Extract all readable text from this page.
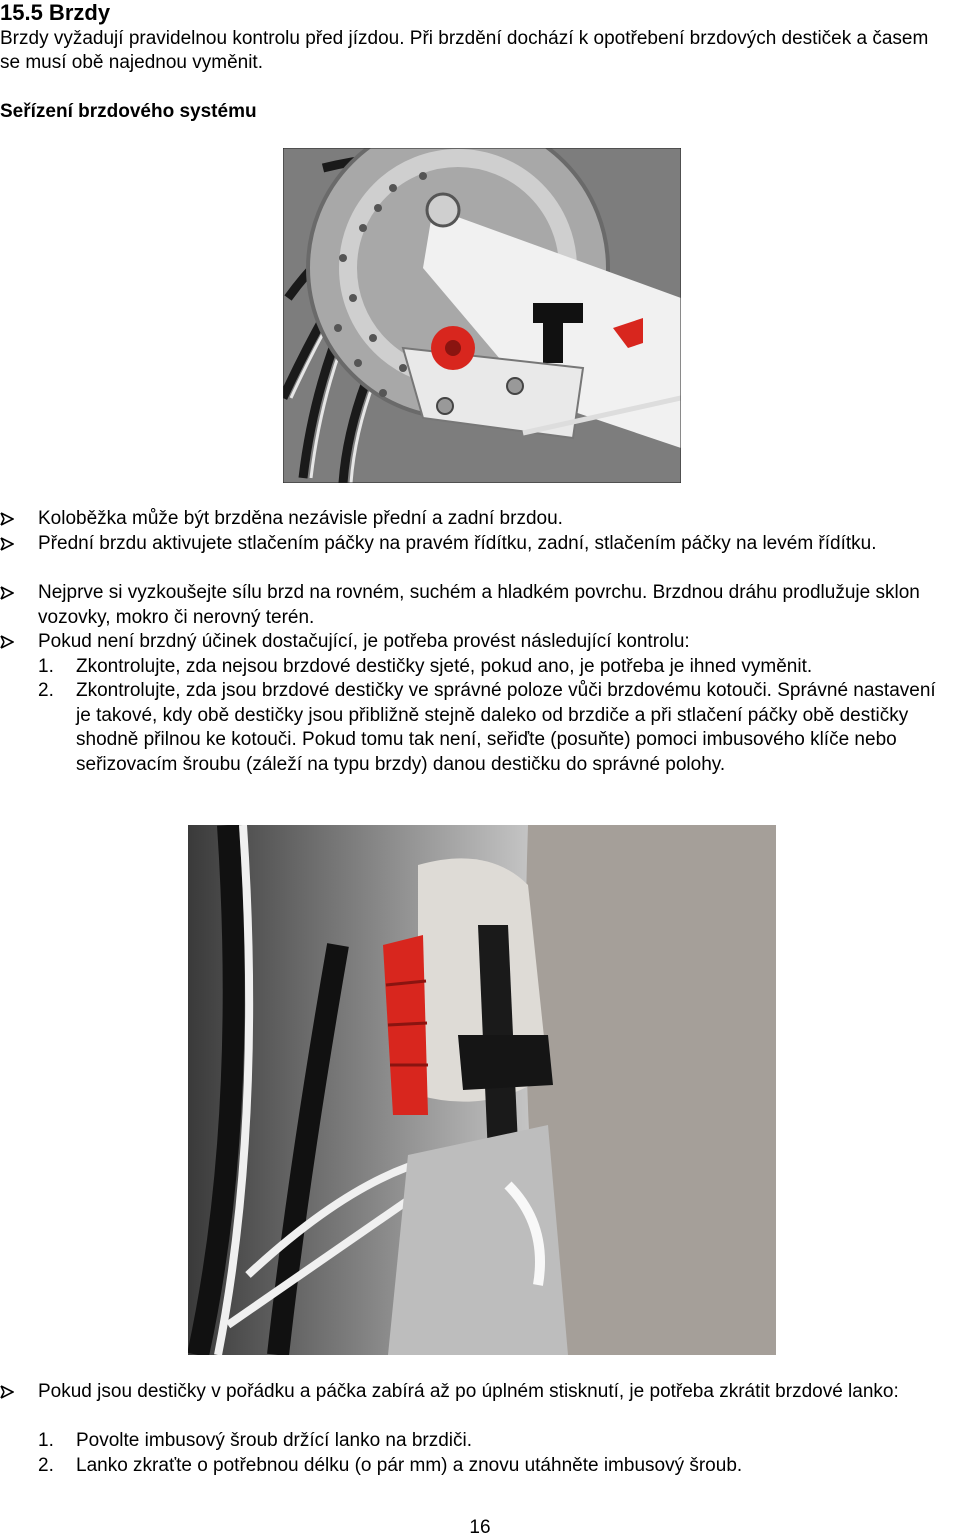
15.5 Brzdy
Brzdy vyžadují pravidelnou kontrolu před jízdou. Při brzdění dochází k opotřebení brzdových destiček a časem se musí obě najednou vyměnit.
Seřízení brzdového systému
Koloběžka může být brzděna nezávisle přední a zadní brzdou.
Přední brzdu aktivujete stlačením páčky na pravém řídítku, zadní, stlačením páčky na levém řídítku.
Nejprve si vyzkoušejte sílu brzd na rovném, suchém a hladkém povrchu. Brzdnou dráhu prodlužuje sklon vozovky, mokro či nerovný terén.
Pokud není brzdný účinek dostačující, je potřeba provést následující kontrolu:
1. Zkontrolujte, zda nejsou brzdové destičky sjeté, pokud ano, je potřeba je ihned vyměnit.
2. Zkontrolujte, zda jsou brzdové destičky ve správné poloze vůči brzdovému kotouči. Správné nastavení je takové, kdy obě destičky jsou přibližně stejně daleko od brzdiče a při stlačení páčky obě destičky shodně přilnou ke kotouči. Pokud tomu tak není, seřiďte (posuňte) pomoci imbusového klíče nebo seřizovacím šroubu (záleží na typu brzdy) danou destičku do správné polohy.
Pokud jsou destičky v pořádku a páčka zabírá až po úplném stisknutí, je potřeba zkrátit brzdové lanko:
1. Povolte imbusový šroub držící lanko na brzdiči.
2. Lanko zkraťte o potřebnou délku (o pár mm) a znovu utáhněte imbusový šroub.
16
